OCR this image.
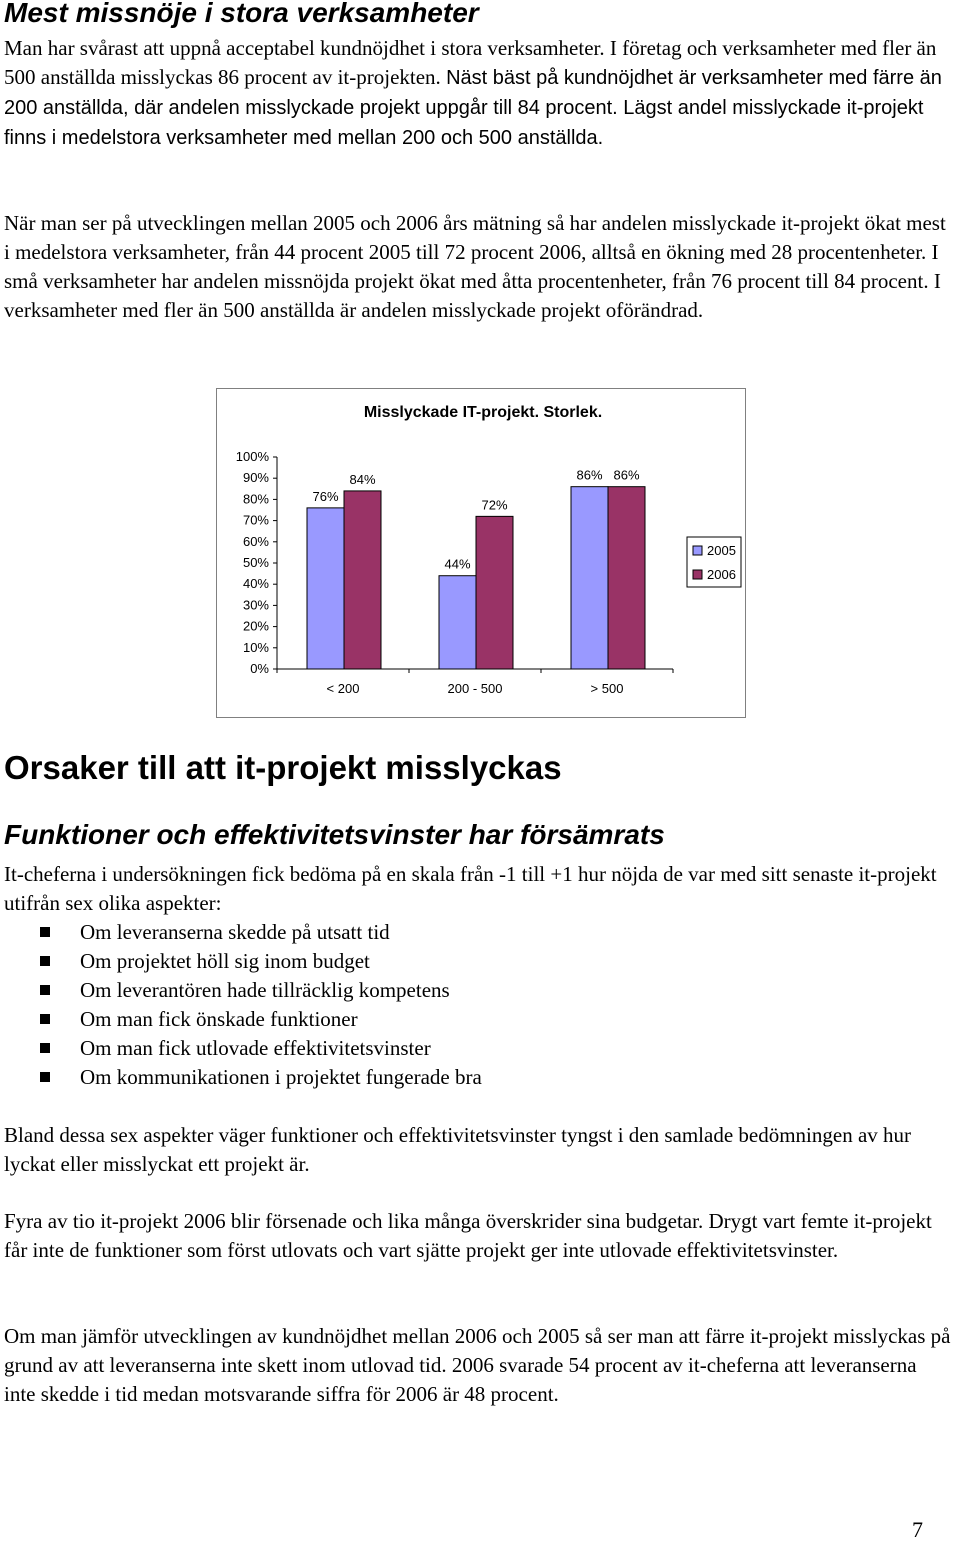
Mest missnöje i stora verksamheter

Man har svårast att uppnå acceptabel kundnöjdhet i stora verksamheter. I företag och verksamheter med fler än 500 anställda misslyckas 86 procent av it-projekten. Näst bäst på kundnöjdhet är verksamheter med färre än 200 anställda, där andelen misslyckade projekt uppgår till 84 procent. Lägst andel misslyckade it-projekt finns i medelstora verksamheter med mellan 200 och 500 anställda.

När man ser på utvecklingen mellan 2005 och 2006 års mätning så har andelen misslyckade it-projekt ökat mest i medelstora verksamheter, från 44 procent 2005 till 72 procent 2006, alltså en ökning med 28 procentenheter. I små verksamheter har andelen missnöjda projekt ökat med åtta procentenheter, från 76 procent till 84 procent. I verksamheter med fler än 500 anställda är andelen misslyckade projekt oförändrad.

Misslyckade IT-projekt. Storlek.
0%
10%
20%
30%
40%
50%
60%
70%
80%
90%
100%
< 200	200 - 500	> 500
76%
84%
44%
72%
86% 86%
2005
2006
Orsaker till att it-projekt misslyckas
Funktioner och effektivitetsvinster har försämrats

It-cheferna i undersökningen fick bedöma på en skala från -1 till +1 hur nöjda de var med sitt senaste it-projekt utifrån sex olika aspekter:

Om leveranserna skedde på utsatt tid
Om projektet höll sig inom budget
Om leverantören hade tillräcklig kompetens
Om man fick önskade funktioner
Om man fick utlovade effektivitetsvinster
Om kommunikationen i projektet fungerade bra

Bland dessa sex aspekter väger funktioner och effektivitetsvinster tyngst i den samlade bedömningen av hur lyckat eller misslyckat ett projekt är.

Fyra av tio it-projekt 2006 blir försenade och lika många överskrider sina budgetar. Drygt vart femte it-projekt får inte de funktioner som först utlovats och vart sjätte projekt ger inte utlovade effektivitetsvinster.

Om man jämför utvecklingen av kundnöjdhet mellan 2006 och 2005 så ser man att färre it-projekt misslyckas på grund av att leveranserna inte skett inom utlovad tid. 2006 svarade 54 procent av it-cheferna att leveranserna inte skedde i tid medan motsvarande siffra för 2006 är 48 procent.

7
